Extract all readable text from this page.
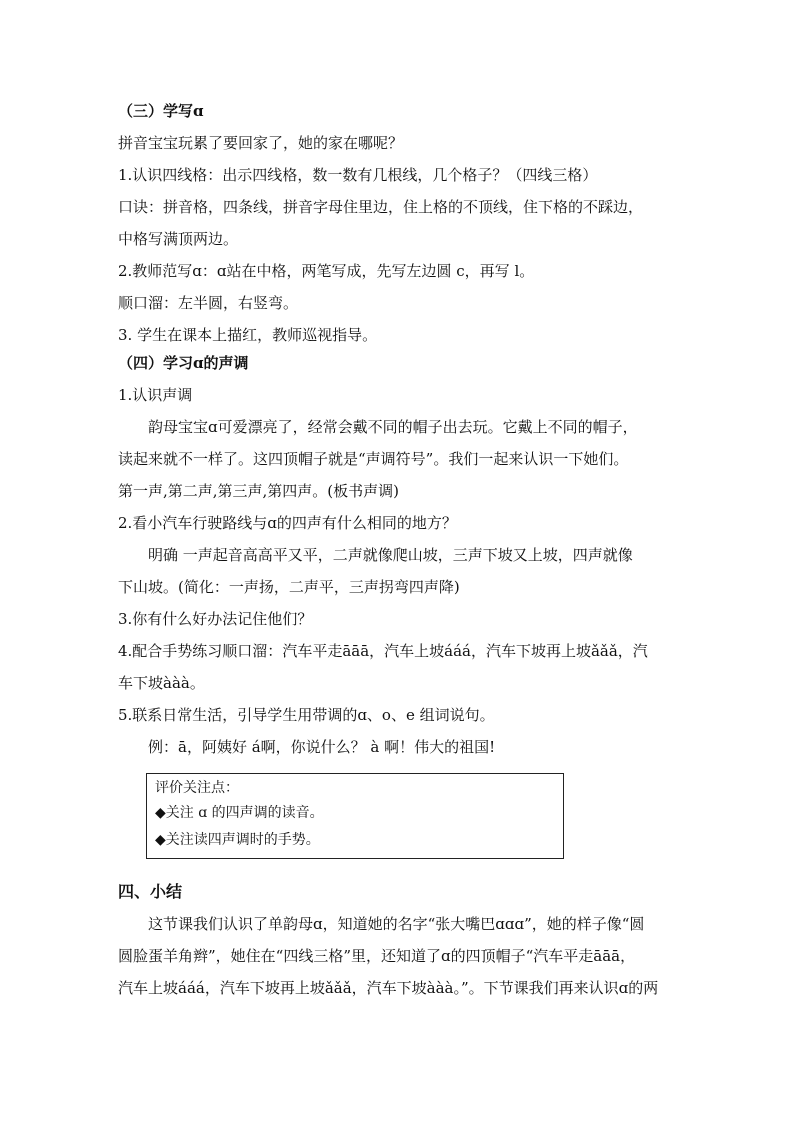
（三）学写ɑ
拼音宝宝玩累了要回家了，她的家在哪呢？
1.认识四线格：出示四线格，数一数有几根线，几个格子？（四线三格）
口诀：拼音格，四条线，拼音字母住里边，住上格的不顶线，住下格的不踩边，
中格写满顶两边。
2.教师范写ɑ：ɑ站在中格，两笔写成，先写左边圆 c，再写 l。
顺口溜：左半圆，右竖弯。
3. 学生在课本上描红，教师巡视指导。
（四）学习ɑ的声调
1.认识声调
韵母宝宝ɑ可爱漂亮了，经常会戴不同的帽子出去玩。它戴上不同的帽子，
读起来就不一样了。这四顶帽子就是“声调符号”。我们一起来认识一下她们。
第一声,第二声,第三声,第四声。(板书声调)
2.看小汽车行驶路线与ɑ的四声有什么相同的地方？
明确 一声起音高高平又平，二声就像爬山坡，三声下坡又上坡，四声就像
下山坡。(简化：一声扬，二声平，三声拐弯四声降)
3.你有什么好办法记住他们？
4.配合手势练习顺口溜：汽车平走āāā，汽车上坡ááá，汽车下坡再上坡ǎǎǎ，汽
车下坡ààà。
5.联系日常生活，引导学生用带调的ɑ、o、e 组词说句。
例：ā，阿姨好 á啊，你说什么？ à 啊！伟大的祖国!
评价关注点：
◆关注 ɑ 的四声调的读音。
◆关注读四声调时的手势。
四、小结
这节课我们认识了单韵母ɑ，知道她的名字“张大嘴巴ɑɑɑ”，她的样子像“圆
圆脸蛋羊角辫”，她住在“四线三格”里，还知道了ɑ的四顶帽子“汽车平走āāā，
汽车上坡ááá，汽车下坡再上坡ǎǎǎ，汽车下坡ààà。”。下节课我们再来认识ɑ的两
